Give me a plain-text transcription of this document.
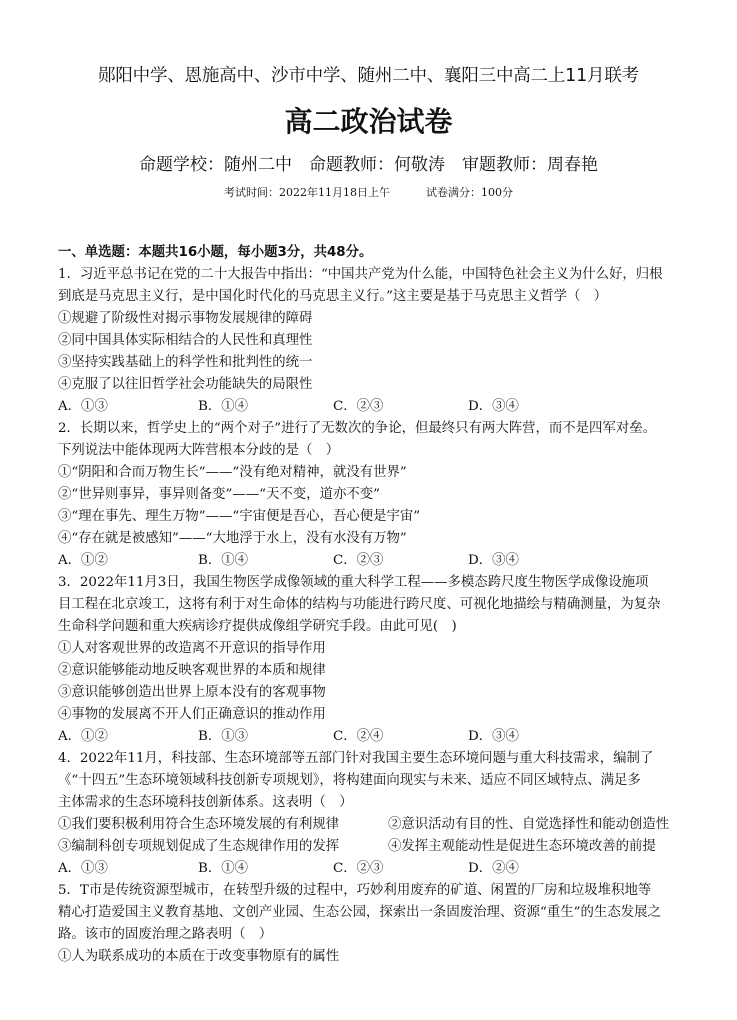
郧阳中学、恩施高中、沙市中学、随州二中、襄阳三中高二上11月联考
高二政治试卷
命题学校：随州二中　命题教师：何敬涛　审题教师：周春艳
考试时间：2022年11月18日上午	试卷满分：100分
一、单选题：本题共16小题，每小题3分，共48分。
1．习近平总书记在党的二十大报告中指出：“中国共产党为什么能，中国特色社会主义为什么好，归根
到底是马克思主义行，是中国化时代化的马克思主义行。”这主要是基于马克思主义哲学（　）
①规避了阶级性对揭示事物发展规律的障碍
②同中国具体实际相结合的人民性和真理性
③坚持实践基础上的科学性和批判性的统一
④克服了以往旧哲学社会功能缺失的局限性
A．①③	B．①④	C．②③	D．③④
2．长期以来，哲学史上的“两个对子”进行了无数次的争论，但最终只有两大阵营，而不是四军对垒。
下列说法中能体现两大阵营根本分歧的是（　）
①“阴阳和合而万物生长”——“没有绝对精神，就没有世界”
②“世异则事异，事异则备变”——“天不变，道亦不变”
③“理在事先、理生万物”——“宇宙便是吾心，吾心便是宇宙”
④“存在就是被感知”——“大地浮于水上，没有水没有万物”
A．①②	B．①④	C．②③	D．③④
3．2022年11月3日，我国生物医学成像领域的重大科学工程——多模态跨尺度生物医学成像设施项
目工程在北京竣工，这将有利于对生命体的结构与功能进行跨尺度、可视化地描绘与精确测量，为复杂
生命科学问题和重大疾病诊疗提供成像组学研究手段。由此可见(　)
①人对客观世界的改造离不开意识的指导作用
②意识能够能动地反映客观世界的本质和规律
③意识能够创造出世界上原本没有的客观事物
④事物的发展离不开人们正确意识的推动作用
A．①②	B．①③	C．②④	D．③④
4．2022年11月，科技部、生态环境部等五部门针对我国主要生态环境问题与重大科技需求，编制了
《“十四五”生态环境领域科技创新专项规划》，将构建面向现实与未来、适应不同区域特点、满足多
主体需求的生态环境科技创新体系。这表明（　）
①我们要积极利用符合生态环境发展的有利规律	②意识活动有目的性、自觉选择性和能动创造性
③编制科创专项规划促成了生态规律作用的发挥	④发挥主观能动性是促进生态环境改善的前提
A．①③	B．①④	C．②③	D．②④
5．T市是传统资源型城市，在转型升级的过程中，巧妙利用废弃的矿道、闲置的厂房和垃圾堆积地等
精心打造爱国主义教育基地、文创产业园、生态公园，探索出一条固废治理、资源“重生”的生态发展之
路。该市的固废治理之路表明（　）
①人为联系成功的本质在于改变事物原有的属性
